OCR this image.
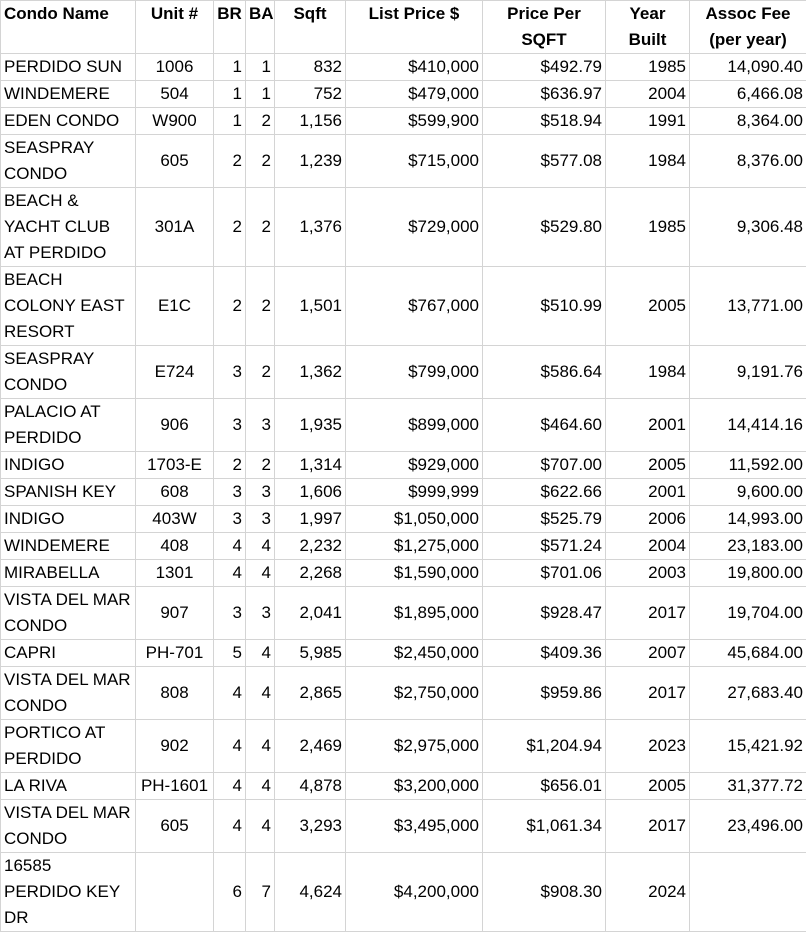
Condo Name	Unit #	BR	BA	Sqft	List Price $	Price Per SQFT	Year Built	Assoc Fee (per year)
PERDIDO SUN	1006	1	1	832	$410,000	$492.79	1985	14,090.40
WINDEMERE	504	1	1	752	$479,000	$636.97	2004	6,466.08
EDEN CONDO	W900	1	2	1,156	$599,900	$518.94	1991	8,364.00
SEASPRAY CONDO	605	2	2	1,239	$715,000	$577.08	1984	8,376.00
BEACH & YACHT CLUB AT PERDIDO	301A	2	2	1,376	$729,000	$529.80	1985	9,306.48
BEACH COLONY EAST RESORT	E1C	2	2	1,501	$767,000	$510.99	2005	13,771.00
SEASPRAY CONDO	E724	3	2	1,362	$799,000	$586.64	1984	9,191.76
PALACIO AT PERDIDO	906	3	3	1,935	$899,000	$464.60	2001	14,414.16
INDIGO	1703-E	2	2	1,314	$929,000	$707.00	2005	11,592.00
SPANISH KEY	608	3	3	1,606	$999,999	$622.66	2001	9,600.00
INDIGO	403W	3	3	1,997	$1,050,000	$525.79	2006	14,993.00
WINDEMERE	408	4	4	2,232	$1,275,000	$571.24	2004	23,183.00
MIRABELLA	1301	4	4	2,268	$1,590,000	$701.06	2003	19,800.00
VISTA DEL MAR CONDO	907	3	3	2,041	$1,895,000	$928.47	2017	19,704.00
CAPRI	PH-701	5	4	5,985	$2,450,000	$409.36	2007	45,684.00
VISTA DEL MAR CONDO	808	4	4	2,865	$2,750,000	$959.86	2017	27,683.40
PORTICO AT PERDIDO	902	4	4	2,469	$2,975,000	$1,204.94	2023	15,421.92
LA RIVA	PH-1601	4	4	4,878	$3,200,000	$656.01	2005	31,377.72
VISTA DEL MAR CONDO	605	4	4	3,293	$3,495,000	$1,061.34	2017	23,496.00
16585 PERDIDO KEY DR		6	7	4,624	$4,200,000	$908.30	2024	
